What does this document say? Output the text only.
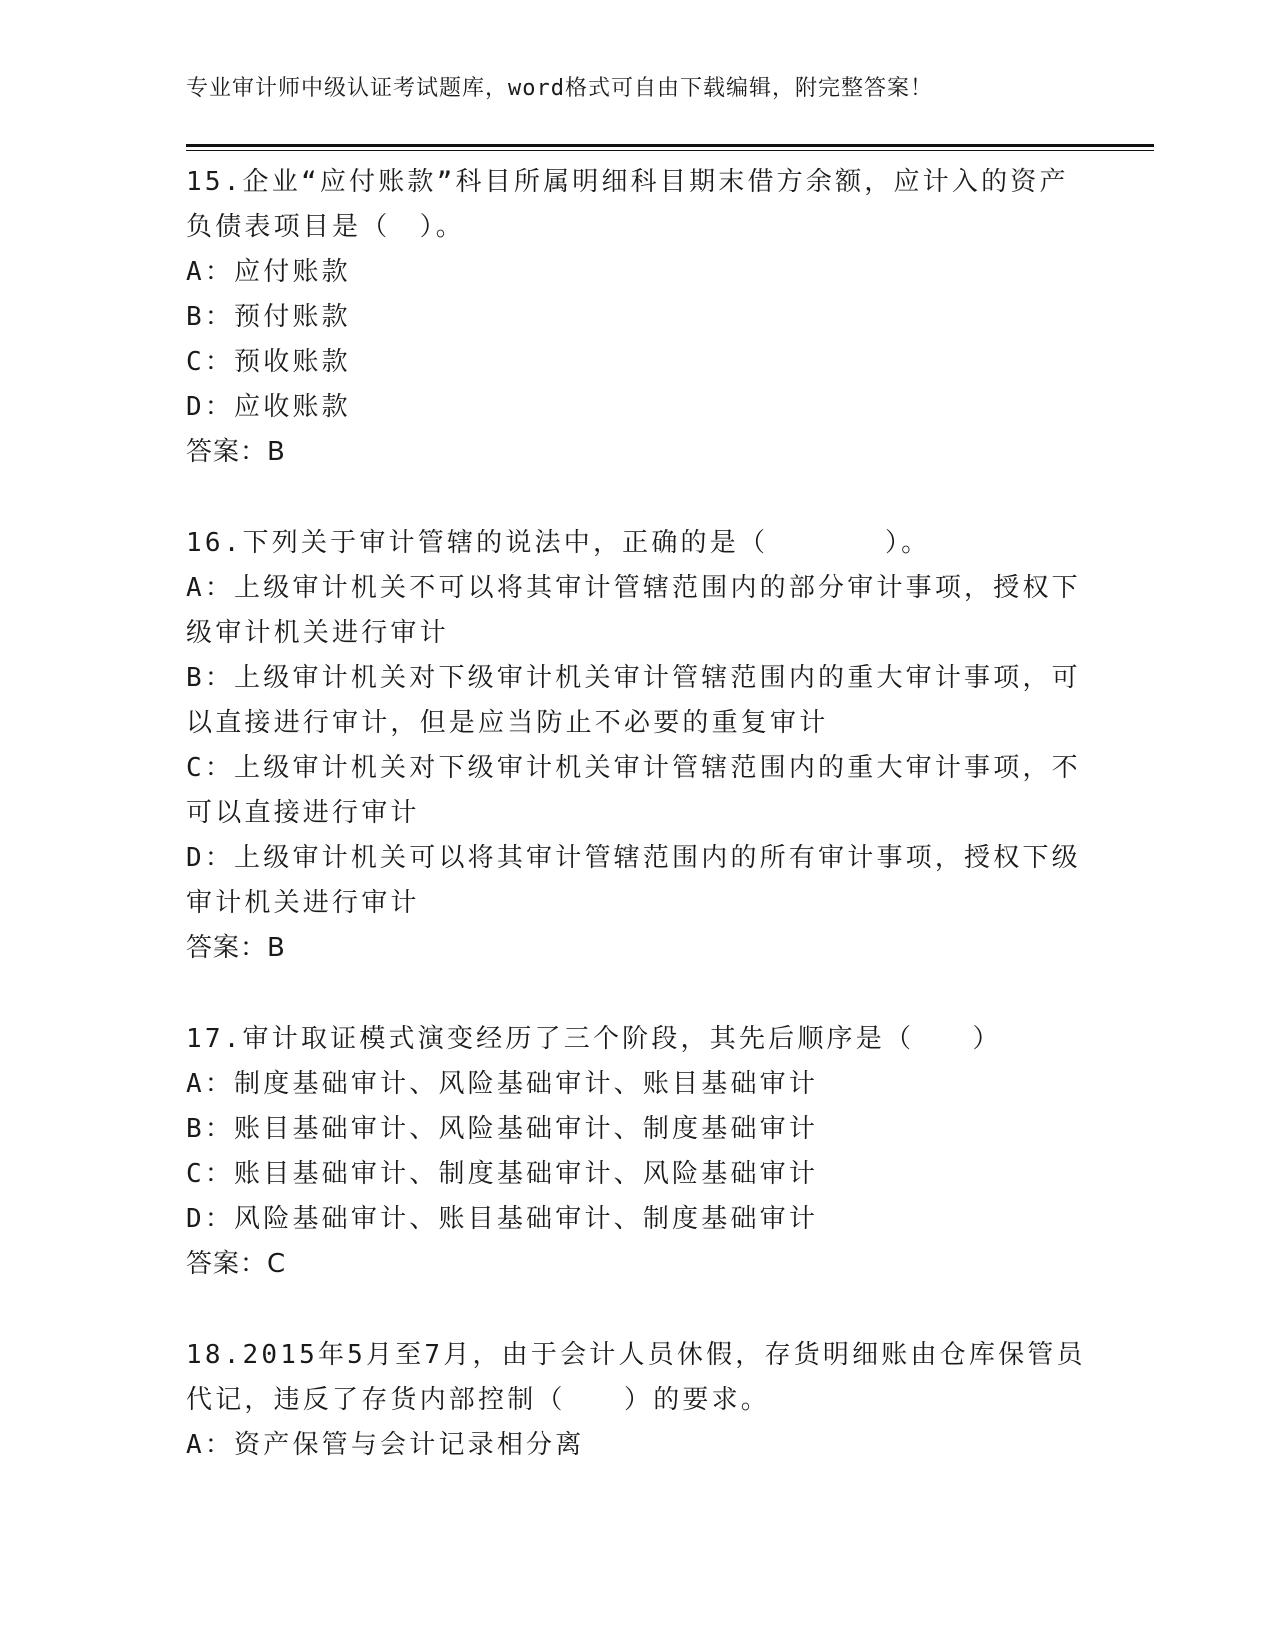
专业审计师中级认证考试题库，word格式可自由下载编辑，附完整答案！
15.企业“应付账款”科目所属明细科目期末借方余额，应计入的资产
负债表项目是（　）。
A：应付账款
B：预付账款
C：预收账款
D：应收账款
答案：B
16.下列关于审计管辖的说法中，正确的是（　　　　）。
A：上级审计机关不可以将其审计管辖范围内的部分审计事项，授权下
级审计机关进行审计
B：上级审计机关对下级审计机关审计管辖范围内的重大审计事项，可
以直接进行审计，但是应当防止不必要的重复审计
C：上级审计机关对下级审计机关审计管辖范围内的重大审计事项，不
可以直接进行审计
D：上级审计机关可以将其审计管辖范围内的所有审计事项，授权下级
审计机关进行审计
答案：B
17.审计取证模式演变经历了三个阶段，其先后顺序是（　　）
A：制度基础审计、风险基础审计、账目基础审计
B：账目基础审计、风险基础审计、制度基础审计
C：账目基础审计、制度基础审计、风险基础审计
D：风险基础审计、账目基础审计、制度基础审计
答案：C
18.2015年5月至7月，由于会计人员休假，存货明细账由仓库保管员
代记，违反了存货内部控制（　　）的要求。
A：资产保管与会计记录相分离
